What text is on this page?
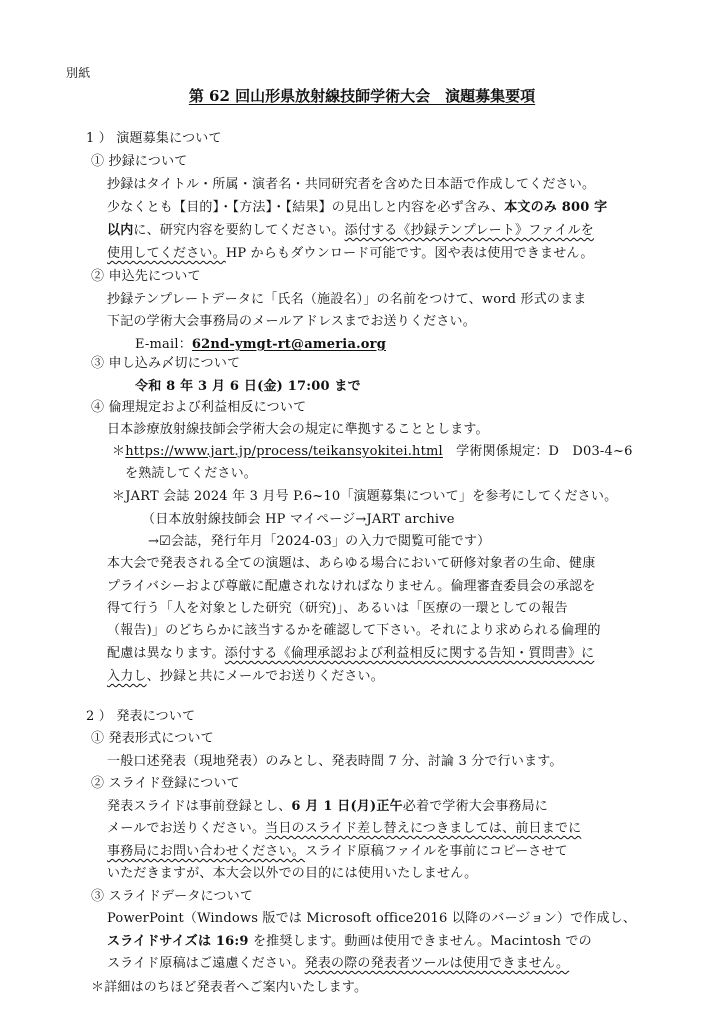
別紙
第 62 回山形県放射線技師学術大会　演題募集要項
1 ） 演題募集について
① 抄録について
抄録はタイトル・所属・演者名・共同研究者を含めた日本語で作成してください。
少なくとも【目的】・【方法】・【結果】の見出しと内容を必ず含み、本文のみ 800 字
以内に、研究内容を要約してください。添付する《抄録テンプレート》ファイルを
使用してください。HP からもダウンロード可能です。図や表は使用できません。
② 申込先について
抄録テンプレートデータに「氏名（施設名）」の名前をつけて、word 形式のまま
下記の学術大会事務局のメールアドレスまでお送りください。
E-mail：62nd-ymgt-rt@ameria.org
③ 申し込み〆切について
令和 8 年 3 月 6 日(金) 17:00 まで
④ 倫理規定および利益相反について
日本診療放射線技師会学術大会の規定に準拠することとします。
＊https://www.jart.jp/process/teikansyokitei.html　学術関係規定：D　D03-4~6
を熟読してください。
＊JART 会誌 2024 年 3 月号 P.6~10「演題募集について」を参考にしてください。
（日本放射線技師会 HP マイページ→JART archive
→☑会誌，発行年月「2024-03」の入力で閲覧可能です）
本大会で発表される全ての演題は、あらゆる場合において研修対象者の生命、健康
プライバシーおよび尊厳に配慮されなければなりません。倫理審査委員会の承認を
得て行う「人を対象とした研究（研究)」、あるいは「医療の一環としての報告
（報告)」のどちらかに該当するかを確認して下さい。それにより求められる倫理的
配慮は異なります。添付する《倫理承認および利益相反に関する告知・質問書》に
入力し、抄録と共にメールでお送りください。
2 ） 発表について
① 発表形式について
一般口述発表（現地発表）のみとし、発表時間 7 分、討論 3 分で行います。
② スライド登録について
発表スライドは事前登録とし、6 月 1 日(月)正午必着で学術大会事務局に
メールでお送りください。当日のスライド差し替えにつきましては、前日までに
事務局にお問い合わせください。スライド原稿ファイルを事前にコピーさせて
いただきますが、本大会以外での目的には使用いたしません。
③ スライドデータについて
PowerPoint（Windows 版では Microsoft office2016 以降のバージョン）で作成し、
スライドサイズは 16:9 を推奨します。動画は使用できません。Macintosh での
スライド原稿はご遠慮ください。発表の際の発表者ツールは使用できません。
＊詳細はのちほど発表者へご案内いたします。
